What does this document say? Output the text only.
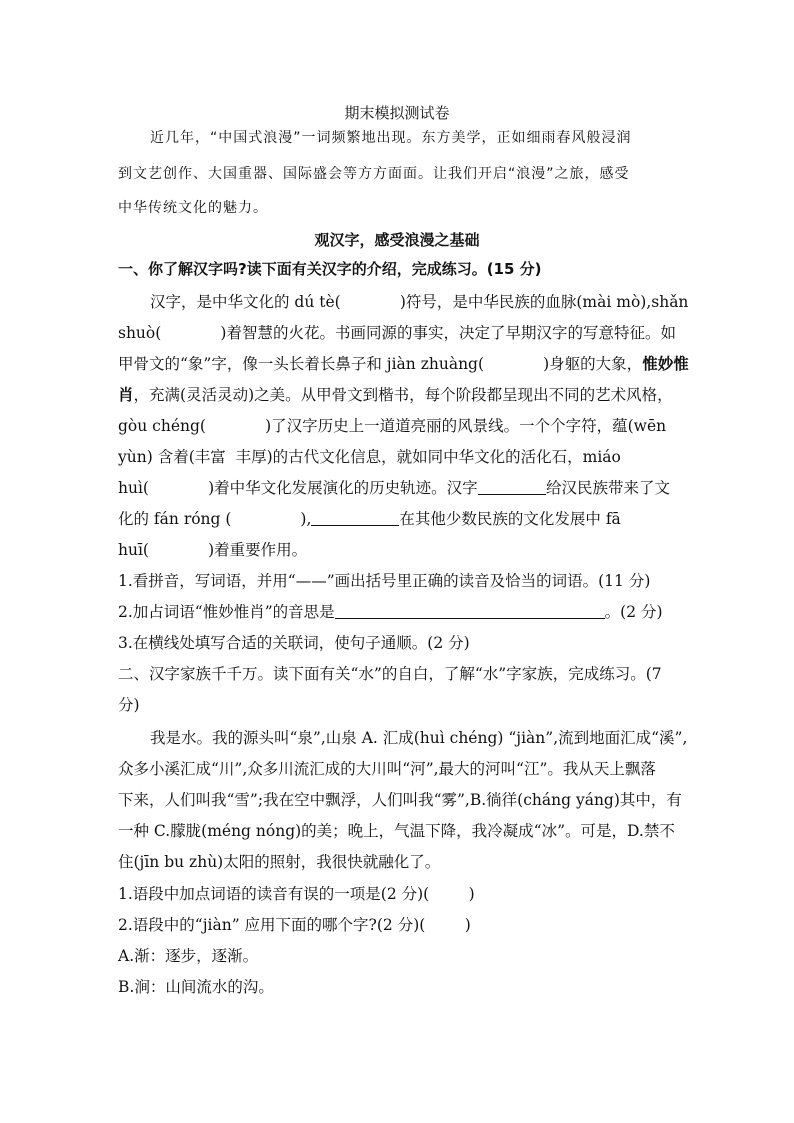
期末模拟测试卷
近几年，“中国式浪漫”一词频繁地出现。东方美学，正如细雨春风般浸润
到文艺创作、大国重器、国际盛会等方方面面。让我们开启“浪漫”之旅，感受
中华传统文化的魅力。
观汉字，感受浪漫之基础
一、你了解汉字吗?读下面有关汉字的介绍，完成练习。(15 分)
汉字，是中华文化的 dú tè(            )符号，是中华民族的血脉(mài mò),shǎn
shuò(            )着智慧的火花。书画同源的事实，决定了早期汉字的写意特征。如
甲骨文的“象”字，像一头长着长鼻子和 jiàn zhuàng(            )身躯的大象， 惟妙惟
肖 ，充满(灵活灵动)之美。从甲骨文到楷书，每个阶段都呈现出不同的艺术风格，
gòu chéng(            )了汉字历史上一道道亮丽的风景线。一个个字符，蕴(wēn
yùn) 含着(丰富  丰厚)的古代文化信息，就如同中华文化的活化石，miáo
huì(            )着中华文化发展演化的历史轨迹。汉字	给汉民族带来了文
化的 fán róng (              ),	在其他少数民族的文化发展中 fā
huī(            )着重要作用。
1.看拼音，写词语，并用“——”画出括号里正确的读音及恰当的词语。(11 分)
2.加占词语“惟妙惟肖”的音思是	。(2 分)
3.在横线处填写合适的关联词，使句子通顺。(2 分)
二、汉字家族千千万。读下面有关“水”的自白，了解“水”字家族，完成练习。(7
分)
我是水。我的源头叫“泉”,山泉 A. 汇成(huì chéng) “jiàn”,流到地面汇成“溪”,
众多小溪汇成“川”,众多川流汇成的大川叫“河”,最大的河叫“江”。我从天上飘落
下来，人们叫我“雪”;我在空中飘浮，人们叫我“雾”,B.徜徉(cháng yáng)其中，有
一种 C.朦胧(méng nóng)的美；晚上，气温下降，我冷凝成“冰”。可是，D.禁不
住(jīn bu zhù)太阳的照射，我很快就融化了。
1.语段中加点词语的读音有误的一项是(2 分)(        )
2.语段中的“jiàn” 应用下面的哪个字?(2 分)(        )
A.渐：逐步，逐渐。
B.涧：山间流水的沟。
